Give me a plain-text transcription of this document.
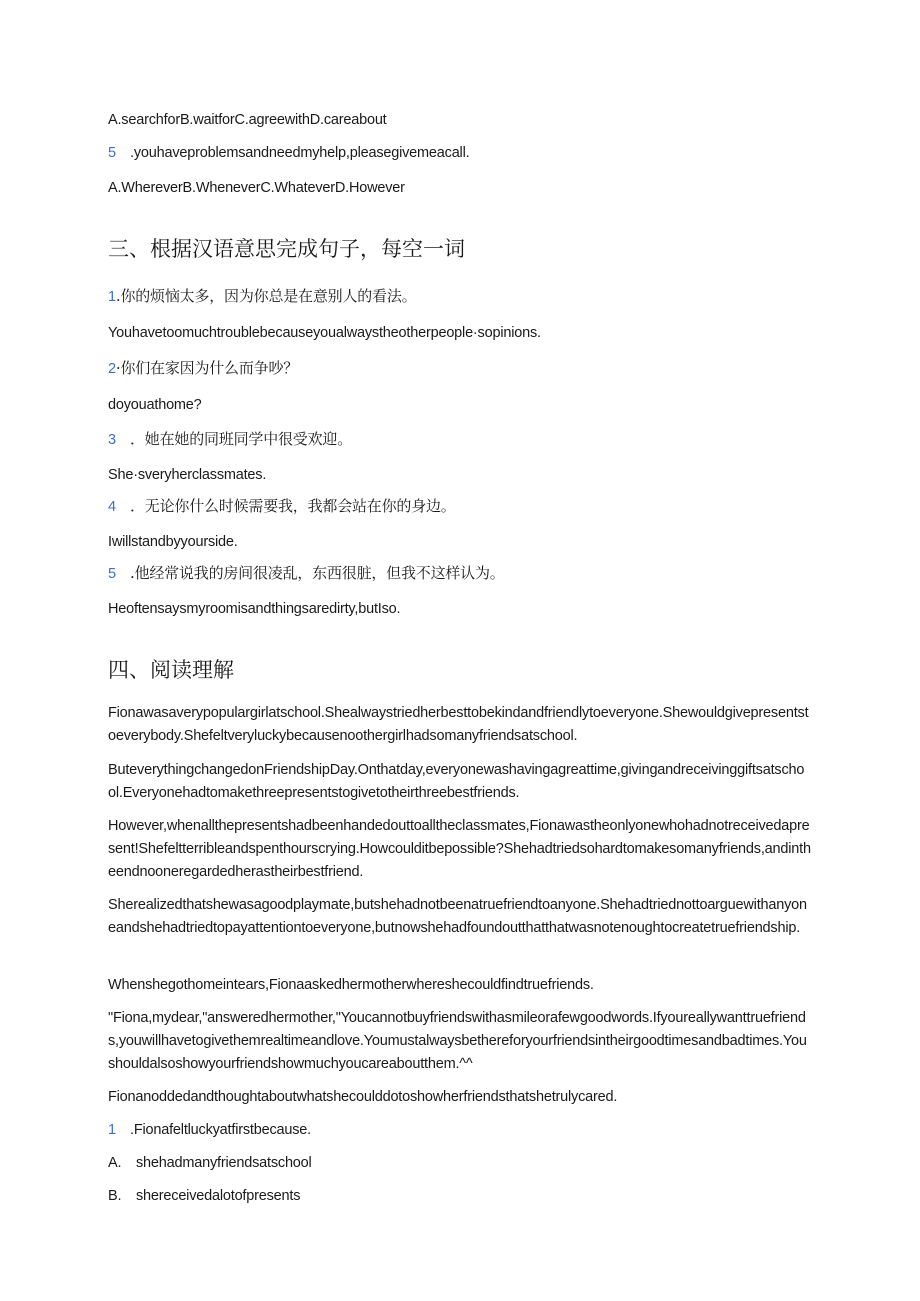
A.searchforB.waitforC.agreewithD.careabout
5 .youhaveproblemsandneedmyhelp,pleasegivemeacall.
A.WhereverB.WheneverC.WhateverD.However
三、根据汉语意思完成句子，每空一词
1.你的烦恼太多，因为你总是在意别人的看法。
Youhavetoomuchtroublebecauseyoualwaystheotherpeople·sopinions.
2·你们在家因为什么而争吵？
doyouathome?
3 ．她在她的同班同学中很受欢迎。
She·sveryherclassmates.
4 ．无论你什么时候需要我，我都会站在你的身边。
Iwillstandbyyourside.
5 .他经常说我的房间很凌乱，东西很脏，但我不这样认为。
Heoftensaysmyroomisandthingsaredirty,butIso.
四、阅读理解
Fionawasaverypopulargirlatschool.Shealwaystriedherbesttobekindandfriendlytoeveryone.Shewouldgivepresentstoeverybody.Shefeltveryluckybecausenoothergirlhadsomanyfriendsatschool.
ButeverythingchangedonFriendshipDay.Onthatday,everyonewashavingagreattime,givingandreceivinggiftsatschool.Everyonehadtomakethreepresentstogivetotheirthreebestfriends.
However,whenallthepresentshadbeenhandedouttoalltheclassmates,Fionawastheonlyonewhohadnotreceivedapresent!Shefeltterribleandspenthourscrying.Howcoulditbepossible?Shehadtriedsohardtomakesomanyfriends,andintheendnooneregardedherastheirbestfriend.
Sherealizedthatshewasagoodplaymate,butshehadnotbeenatruefriendtoanyone.Shehadtriednottoarguewithanyoneandshehadtriedtopayattentiontoeveryone,butnowshehadfoundoutthatthatwasnotenoughtocreatetruefriendship.
Whenshegothomeintears,Fionaaskedhermotherwhereshecouldfindtruefriends.
"Fiona,mydear,"answeredhermother,"Youcannotbuyfriendswithasmileorafewgoodwords.Ifyoureallywanttruefriends,youwillhavetogivethemrealtimeandlove.Youmustalwaysbethereforyourfriendsintheirgoodtimesandbadtimes.Youshouldalsoshowyourfriendshowmuchyoucareaboutthem.^^
Fionanoddedandthoughtaboutwhatshecoulddotoshowherfriendsthatshetrulycared.
1 .Fionafeltluckyatfirstbecause.
A. shehadmanyfriendsatschool
B. shereceivedalotofpresents
